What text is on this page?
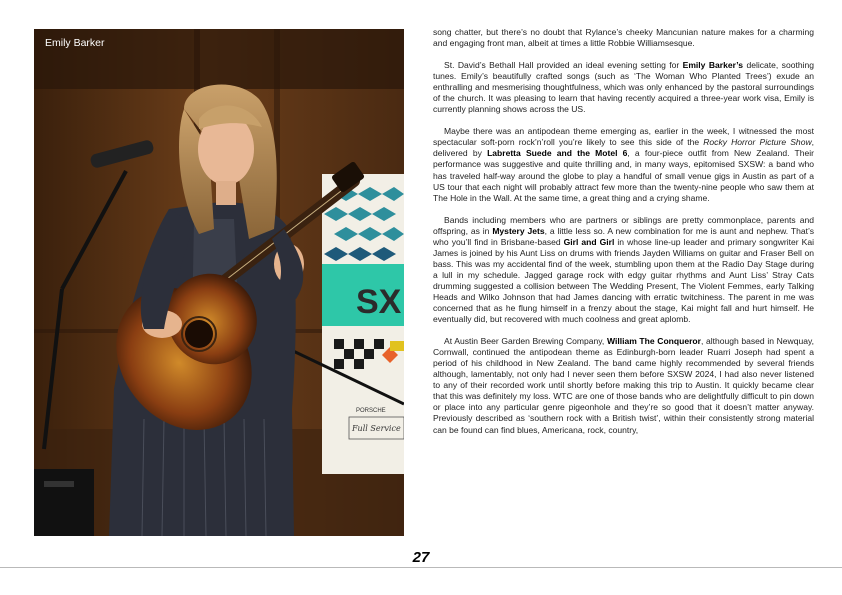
SX
PORSCHE
Full Service
Emily Barker

song chatter, but there’s no doubt that Rylance’s cheeky Mancunian nature makes for a charming and engaging front man, albeit at times a little Robbie Williamsesque.

St. David’s Bethall Hall provided an ideal evening setting for Emily Barker’s delicate, soothing tunes. Emily’s beautifully crafted songs (such as ‘The Woman Who Planted Trees’) exude an enthralling and mesmerising thoughtfulness, which was only enhanced by the pastoral surroundings of the church. It was pleasing to learn that having recently acquired a three-year work visa, Emily is currently planning shows across the US.

Maybe there was an antipodean theme emerging as, earlier in the week, I witnessed the most spectacular soft-porn rock’n’roll you’re likely to see this side of the Rocky Horror Picture Show, delivered by Labretta Suede and the Motel 6, a four-piece outfit from New Zealand. Their performance was suggestive and quite thrilling and, in many ways, epitomised SXSW: a band who has traveled half-way around the globe to play a handful of small venue gigs in Austin as part of a US tour that each night will probably attract few more than the twenty-nine people who saw them at The Hole in the Wall. At the same time, a great thing and a crying shame.

Bands including members who are partners or siblings are pretty commonplace, parents and offspring, as in Mystery Jets, a little less so. A new combination for me is aunt and nephew. That’s who you’ll find in Brisbane-based Girl and Girl in whose line-up leader and primary songwriter Kai James is joined by his Aunt Liss on drums with friends Jayden Williams on guitar and Fraser Bell on bass. This was my accidental find of the week, stumbling upon them at the Radio Day Stage during a lull in my schedule. Jagged garage rock with edgy guitar rhythms and Aunt Liss’ Stray Cats drumming suggested a collision between The Wedding Present, The Violent Femmes, early Talking Heads and Wilko Johnson that had James dancing with erratic twitchiness. The parent in me was concerned that as he flung himself in a frenzy about the stage, Kai might fall and hurt himself. He eventually did, but recovered with much coolness and great aplomb.

At Austin Beer Garden Brewing Company, William The Conqueror, although based in Newquay, Cornwall, continued the antipodean theme as Edinburgh-born leader Ruarri Joseph had spent a period of his childhood in New Zealand. The band came highly recommended by several friends although, lamentably, not only had I never seen them before SXSW 2024, I had also never listened to any of their recorded work until shortly before making this trip to Austin. It quickly became clear that this was definitely my loss. WTC are one of those bands who are delightfully difficult to pin down or place into any particular genre pigeonhole and they’re so good that it doesn’t matter anyway. Previously described as ‘southern rock with a British twist’, within their consistently strong material can be found can find blues, Americana, rock, country,

27
